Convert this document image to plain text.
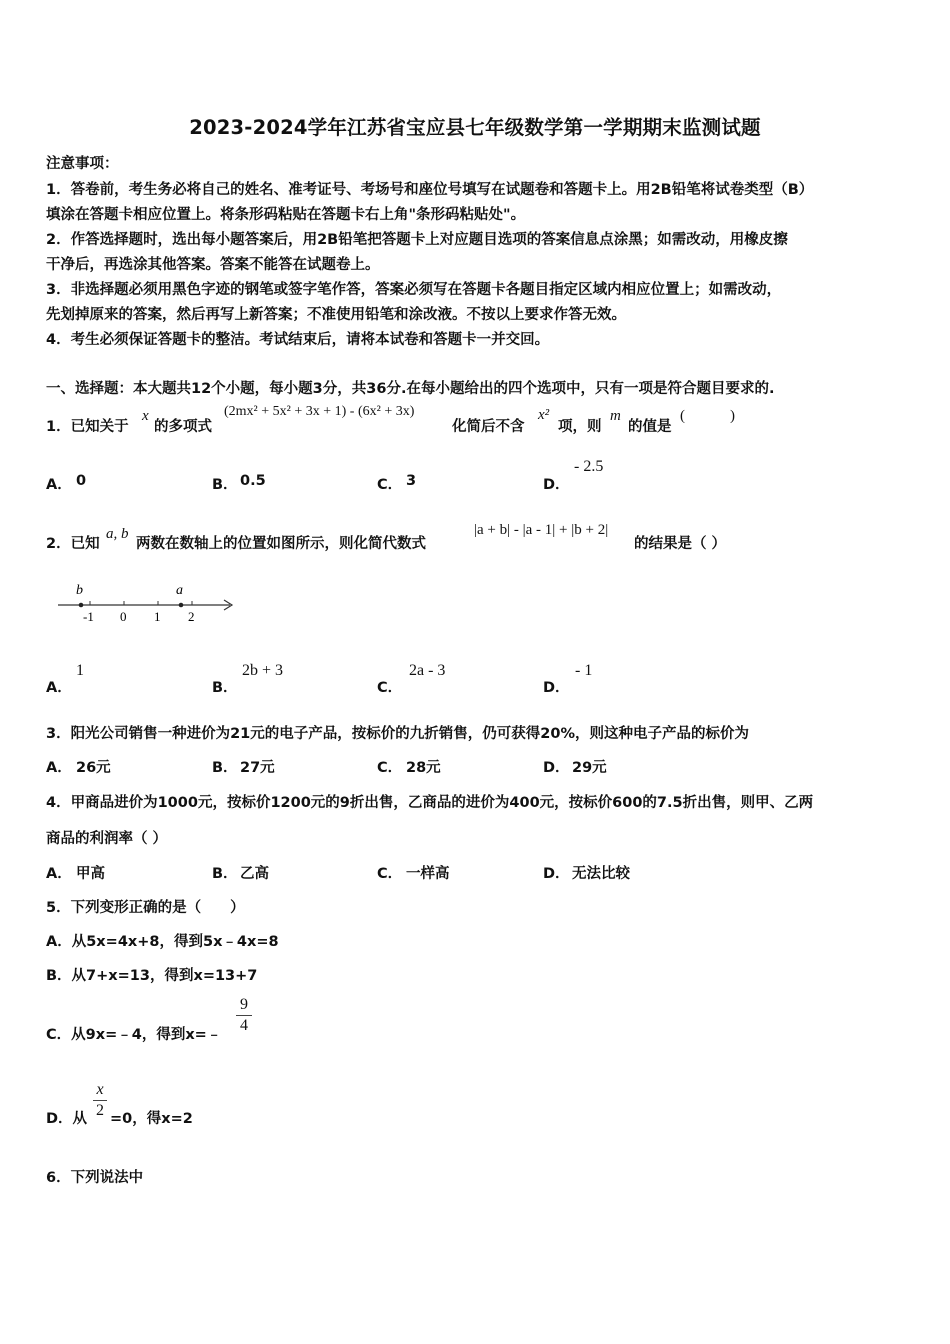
2023-2024学年江苏省宝应县七年级数学第一学期期末监测试题
注意事项：
1．答卷前，考生务必将自己的姓名、准考证号、考场号和座位号填写在试题卷和答题卡上。用2B铅笔将试卷类型（B）
填涂在答题卡相应位置上。将条形码粘贴在答题卡右上角"条形码粘贴处"。
2．作答选择题时，选出每小题答案后，用2B铅笔把答题卡上对应题目选项的答案信息点涂黑；如需改动，用橡皮擦
干净后，再选涂其他答案。答案不能答在试题卷上。
3．非选择题必须用黑色字迹的钢笔或签字笔作答，答案必须写在答题卡各题目指定区域内相应位置上；如需改动，
先划掉原来的答案，然后再写上新答案；不准使用铅笔和涂改液。不按以上要求作答无效。
4．考生必须保证答题卡的整洁。考试结束后，请将本试卷和答题卡一并交回。
一、选择题：本大题共12个小题，每小题3分，共36分.在每小题给出的四个选项中，只有一项是符合题目要求的.
1．已知关于
x
的多项式
(2mx² + 5x² + 3x + 1) - (6x² + 3x)
化简后不含
x²
项，则
m
的值是
(　　　)
A． 0	B． 0.5	C． 3	D．
- 2.5
2．已知
a, b
两数在数轴上的位置如图所示，则化简代数式
|a + b| - |a - 1| + |b + 2|
的结果是（ ）
b	a
-1 0 1 2
A．
1
B．
2b + 3
C．
2a - 3
D．
- 1
3．阳光公司销售一种进价为21元的电子产品，按标价的九折销售，仍可获得20%，则这种电子产品的标价为
A． 26元	B． 27元	C． 28元	D． 29元
4．甲商品进价为1000元，按标价1200元的9折出售，乙商品的进价为400元，按标价600的7.5折出售，则甲、乙两
商品的利润率（ ）
A． 甲高	B． 乙高	C． 一样高	D． 无法比较
5．下列变形正确的是（　　）
A．从5x=4x+8，得到5x﹣4x=8
B．从7+x=13，得到x=13+7
C．从9x=﹣4，得到x=﹣
9
4
D．从
x
2 =0，得x=2
6．下列说法中
